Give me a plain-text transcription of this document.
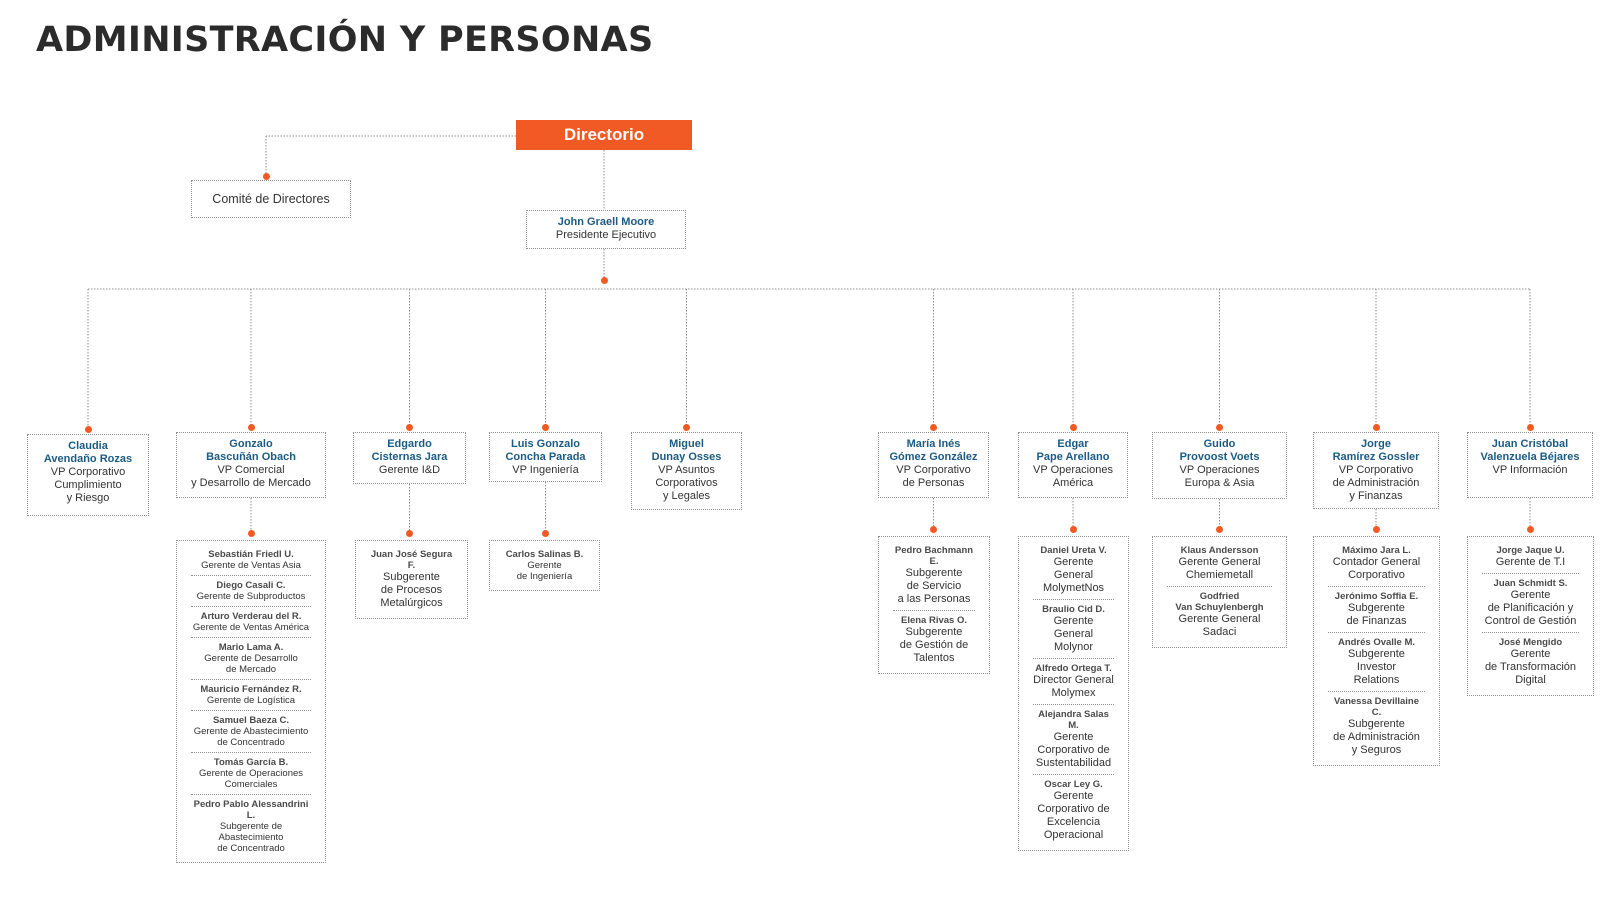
ADMINISTRACIÓN Y PERSONAS
Directorio
Comité de Directores
John Graell Moore
Presidente Ejecutivo
Claudia
Avendaño Rozas
VP Corporativo
Cumplimiento
y Riesgo
Gonzalo
Bascuñán Obach
VP Comercial
y Desarrollo de Mercado
Sebastián Friedl U.
Gerente de Ventas Asia
Diego Casali C.
Gerente de Subproductos
Arturo Verderau del R.
Gerente de Ventas América
Mario Lama A.
Gerente de Desarrollo
de Mercado
Mauricio Fernández R.
Gerente de Logística
Samuel Baeza C.
Gerente de Abastecimiento
de Concentrado
Tomás García B.
Gerente de Operaciones
Comerciales
Pedro Pablo Alessandrini L.
Subgerente de Abastecimiento
de Concentrado
Edgardo
Cisternas Jara
Gerente I&D
Juan José Segura F.
Subgerente
de Procesos
Metalúrgicos
Luis Gonzalo
Concha Parada
VP Ingeniería
Carlos Salinas B.
Gerente
de Ingeniería
Miguel
Dunay Osses
VP Asuntos
Corporativos
y Legales
María Inés
Gómez González
VP Corporativo
de Personas
Pedro Bachmann E.
Subgerente
de Servicio
a las Personas
Elena Rivas O.
Subgerente
de Gestión de
Talentos
Edgar
Pape Arellano
VP Operaciones
América
Daniel Ureta V.
Gerente General
MolymetNos
Braulio Cid D.
Gerente General
Molynor
Alfredo Ortega T.
Director General
Molymex
Alejandra Salas M.
Gerente
Corporativo de
Sustentabilidad
Oscar Ley G.
Gerente
Corporativo de
Excelencia
Operacional
Guido
Provoost Voets
VP Operaciones
Europa & Asia
Klaus Andersson
Gerente General
Chemiemetall
Godfried
Van Schuylenbergh
Gerente General
Sadaci
Jorge
Ramírez Gossler
VP Corporativo
de Administración
y Finanzas
Máximo Jara L.
Contador General
Corporativo
Jerónimo Soffia E.
Subgerente
de Finanzas
Andrés Ovalle M.
Subgerente Investor
Relations
Vanessa Devillaine C.
Subgerente
de Administración
y Seguros
Juan Cristóbal
Valenzuela Béjares
VP Información
Jorge Jaque U.
Gerente de T.I
Juan Schmidt S.
Gerente
de Planificación y
Control de Gestión
José Mengido
Gerente
de Transformación
Digital
